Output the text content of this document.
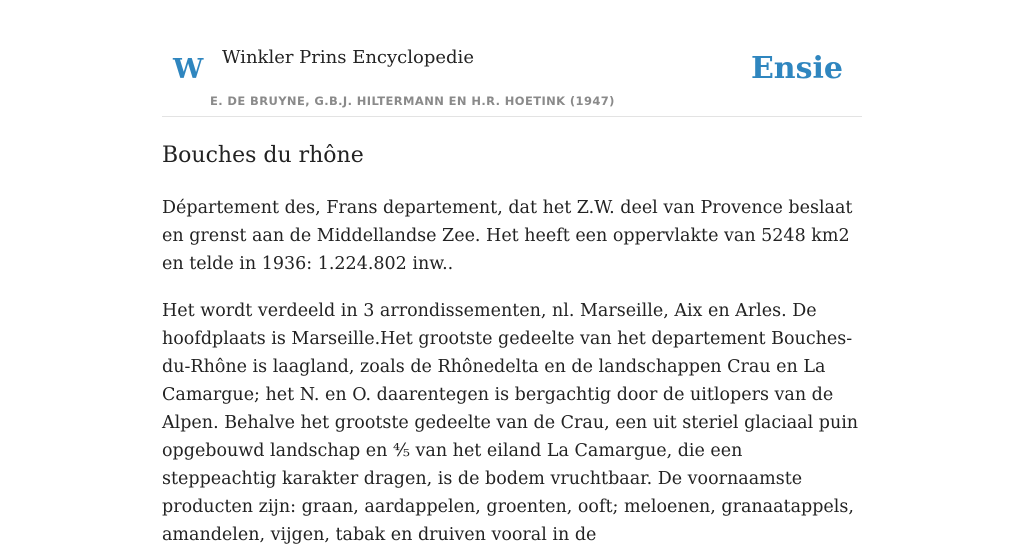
W Winkler Prins Encyclopedie
E. DE BRUYNE, G.B.J. HILTERMANN EN H.R. HOETINK (1947)
Ensie
Bouches du rhône

Département des, Frans departement, dat het Z.W. deel van Provence beslaat en grenst aan de Middellandse Zee. Het heeft een oppervlakte van 5248 km2 en telde in 1936: 1.224.802 inw..

Het wordt verdeeld in 3 arrondissementen, nl. Marseille, Aix en Arles. De hoofdplaats is Marseille.Het grootste gedeelte van het departement Bouches-du-Rhône is laagland, zoals de Rhônedelta en de landschappen Crau en La Camargue; het N. en O. daarentegen is bergachtig door de uitlopers van de Alpen. Behalve het grootste gedeelte van de Crau, een uit steriel glaciaal puin opgebouwd landschap en ⅘ van het eiland La Camargue, die een steppeachtig karakter dragen, is de bodem vruchtbaar. De voornaamste producten zijn: graan, aardappelen, groenten, ooft; meloenen, granaatappels, amandelen, vijgen, tabak en druiven vooral in de
